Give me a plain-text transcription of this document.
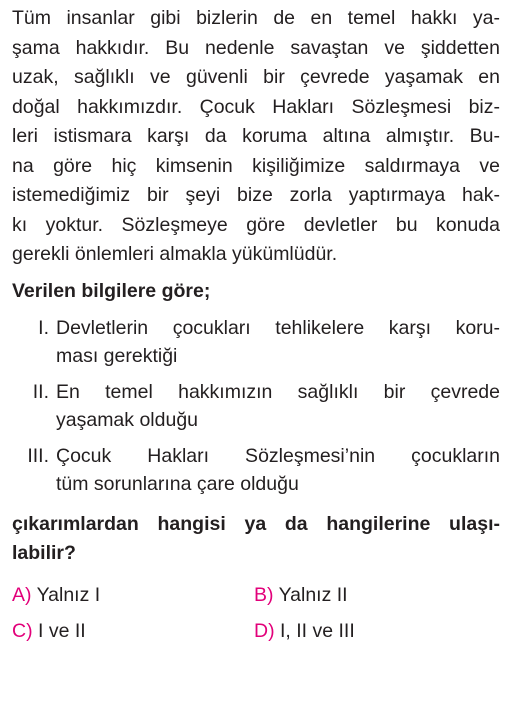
Tüm insanlar gibi bizlerin de en temel hakkı ya-
şama hakkıdır. Bu nedenle savaştan ve şiddetten
uzak, sağlıklı ve güvenli bir çevrede yaşamak en
doğal hakkımızdır. Çocuk Hakları Sözleşmesi biz-
leri istismara karşı da koruma altına almıştır. Bu-
na göre hiç kimsenin kişiliğimize saldırmaya ve
istemediğimiz bir şeyi bize zorla yaptırmaya hak-
kı yoktur. Sözleşmeye göre devletler bu konuda
gerekli önlemleri almakla yükümlüdür.
Verilen bilgilere göre;
I. Devletlerin çocukları tehlikelere karşı koru-
ması gerektiği
II. En temel hakkımızın sağlıklı bir çevrede
yaşamak olduğu
III. Çocuk Hakları Sözleşmesi’nin çocukların
tüm sorunlarına çare olduğu
çıkarımlardan hangisi ya da hangilerine ulaşı-
labilir?
A) Yalnız I	B) Yalnız II
C) I ve II	D) I, II ve III
